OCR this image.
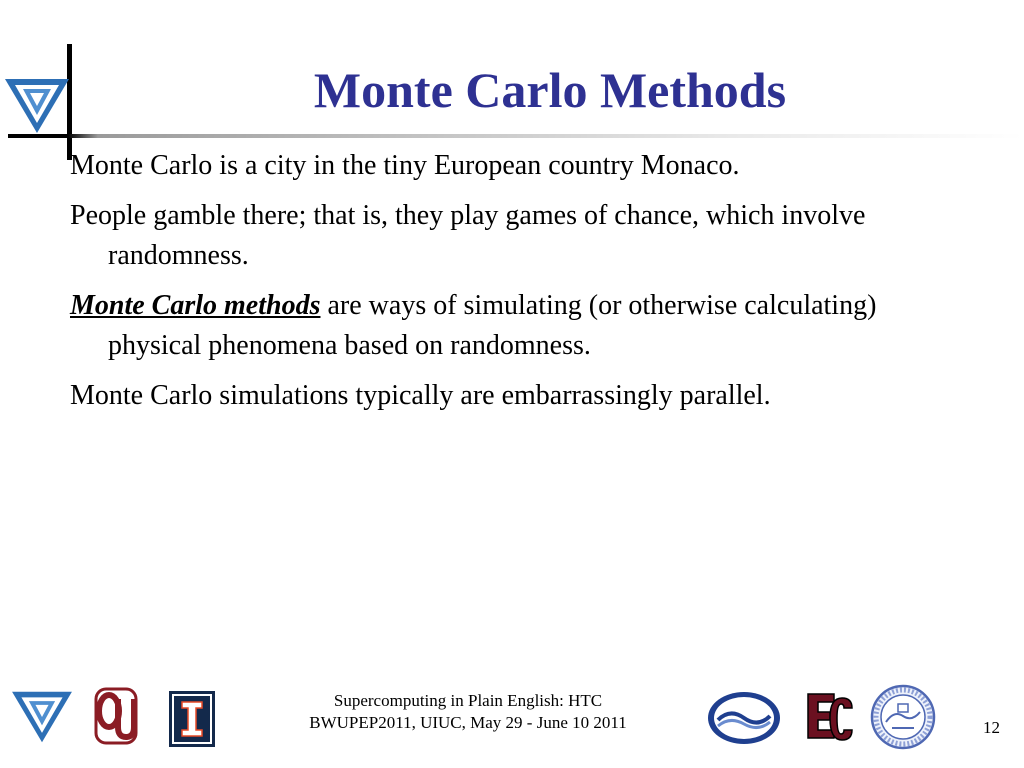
Monte Carlo Methods
Monte Carlo is a city in the tiny European country Monaco.
People gamble there; that is, they play games of chance, which involve randomness.
Monte Carlo methods are ways of simulating (or otherwise calculating) physical phenomena based on randomness.
Monte Carlo simulations typically are embarrassingly parallel.
Supercomputing in Plain English: HTC
BWUPEP2011, UIUC, May 29 - June 10 2011	12
